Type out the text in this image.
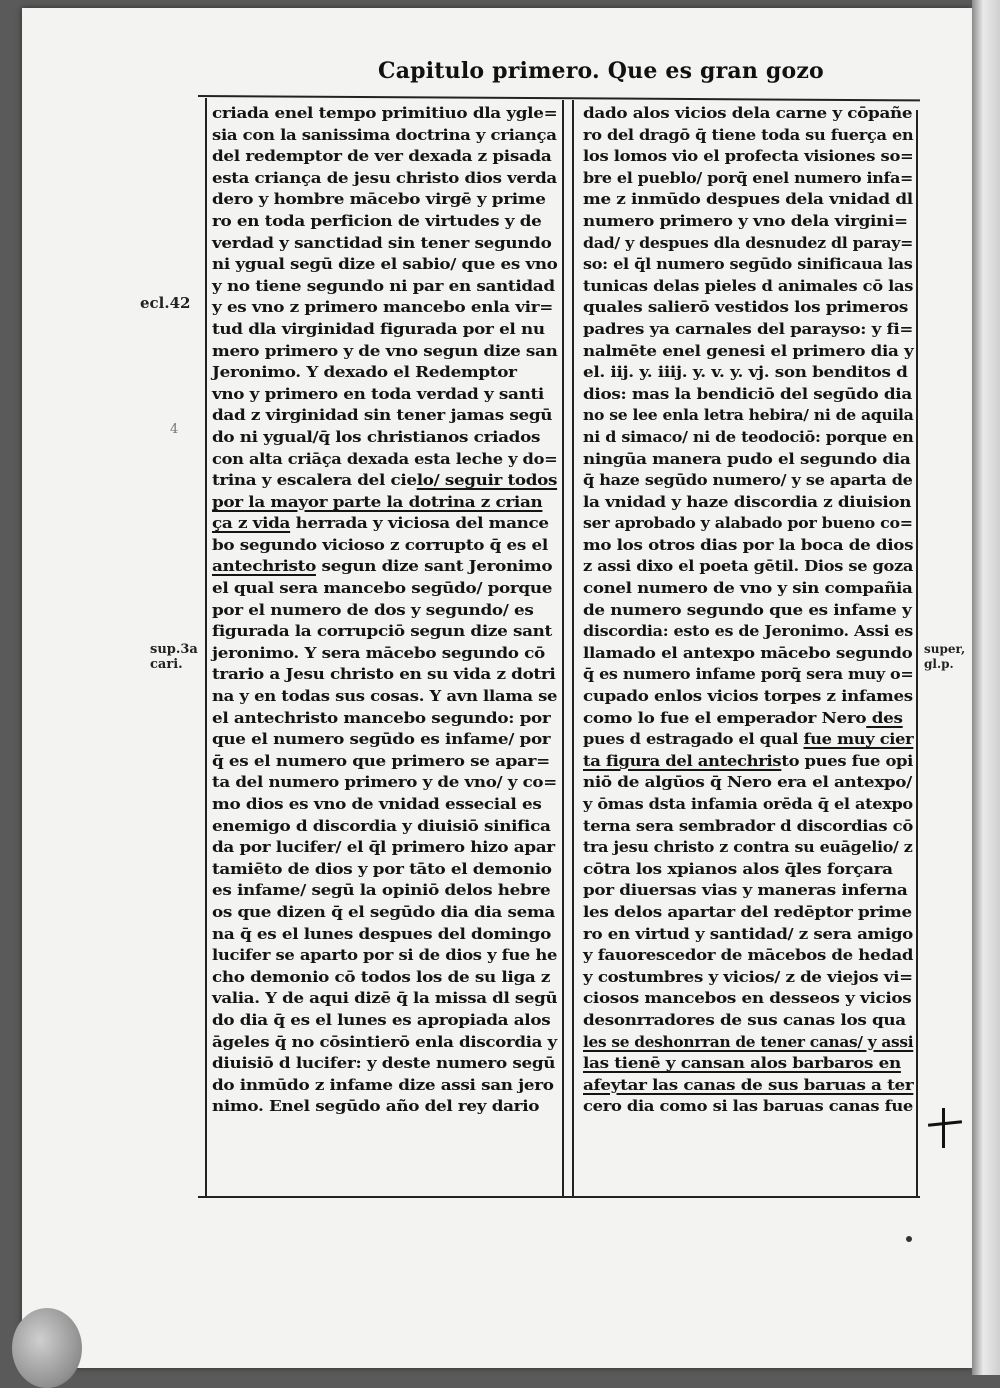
Capitulo primero. Que es gran gozo
criada enel tempo primitiuo dla ygle=
sia con la sanissima doctrina y criança
del redemptor de ver dexada z pisada
esta criança de jesu christo dios verda
dero y hombre mācebo virgē y prime
ro en toda perficion de virtudes y de
verdad y sanctidad sin tener segundo
ni ygual segū dize el sabio/ que es vno
y no tiene segundo ni par en santidad
y es vno z primero mancebo enla vir=
tud dla virginidad figurada por el nu
mero primero y de vno segun dize san
Jeronimo. Y dexado el Redemptor
vno y primero en toda verdad y santi
dad z virginidad sin tener jamas segū
do ni ygual/q̄ los christianos criados
con alta criāça dexada esta leche y do=
trina y escalera del cielo/ seguir todos
por la mayor parte la dotrina z crian
ça z vida herrada y viciosa del mance
bo segundo vicioso z corrupto q̄ es el
antechristo segun dize sant Jeronimo
el qual sera mancebo segūdo/ porque
por el numero de dos y segundo/ es
figurada la corrupciō segun dize sant
jeronimo. Y sera mācebo segundo cō
trario a Jesu christo en su vida z dotri
na y en todas sus cosas. Y avn llama se
el antechristo mancebo segundo: por
que el numero segūdo es infame/ por
q̄ es el numero que primero se apar=
ta del numero primero y de vno/ y co=
mo dios es vno de vnidad essecial es
enemigo d discordia y diuisiō sinifica
da por lucifer/ el q̄l primero hizo apar
tamiēto de dios y por tāto el demonio
es infame/ segū la opiniō delos hebre
os que dizen q̄ el segūdo dia dia sema
na q̄ es el lunes despues del domingo
lucifer se aparto por si de dios y fue he
cho demonio cō todos los de su liga z
valia. Y de aqui dizē q̄ la missa dl segū
do dia q̄ es el lunes es apropiada alos
āgeles q̄ no cōsintierō enla discordia y
diuisiō d lucifer: y deste numero segū
do inmūdo z infame dize assi san jero
nimo. Enel segūdo año del rey dario
dado alos vicios dela carne y cōpañe
ro del dragō q̄ tiene toda su fuerça en
los lomos vio el profecta visiones so=
bre el pueblo/ porq̄ enel numero infa=
me z inmūdo despues dela vnidad dl
numero primero y vno dela virgini=
dad/ y despues dla desnudez dl paray=
so: el q̄l numero segūdo sinificaua las
tunicas delas pieles d animales cō las
quales salierō vestidos los primeros
padres ya carnales del parayso: y fi=
nalmēte enel genesi el primero dia y
el. iij. y. iiij. y. v. y. vj. son benditos d
dios: mas la bendiciō del segūdo dia
no se lee enla letra hebira/ ni de aquila
ni d simaco/ ni de teodociō: porque en
ningūa manera pudo el segundo dia
q̄ haze segūdo numero/ y se aparta de
la vnidad y haze discordia z diuision
ser aprobado y alabado por bueno co=
mo los otros dias por la boca de dios
z assi dixo el poeta gētil. Dios se goza
conel numero de vno y sin compañia
de numero segundo que es infame y
discordia: esto es de Jeronimo. Assi es
llamado el antexpo mācebo segundo
q̄ es numero infame porq̄ sera muy o=
cupado enlos vicios torpes z infames
como lo fue el emperador Nero des
pues d estragado el qual fue muy cier
ta figura del antechristo pues fue opi
niō de algūos q̄ Nero era el antexpo/
y ōmas dsta infamia orēda q̄ el atexpo
terna sera sembrador d discordias cō
tra jesu christo z contra su euāgelio/ z
cōtra los xpianos alos q̄les forçara
por diuersas vias y maneras inferna
les delos apartar del redēptor prime
ro en virtud y santidad/ z sera amigo
y fauorescedor de mācebos de hedad
y costumbres y vicios/ z de viejos vi=
ciosos mancebos en desseos y vicios
desonrradores de sus canas los qua
les se deshonrran de tener canas/ y assi
las tienē y cansan alos barbaros en
afeytar las canas de sus baruas a ter
cero dia como si las baruas canas fue
ecl.42
4
sup.3a
cari.
super,
gl.p.
